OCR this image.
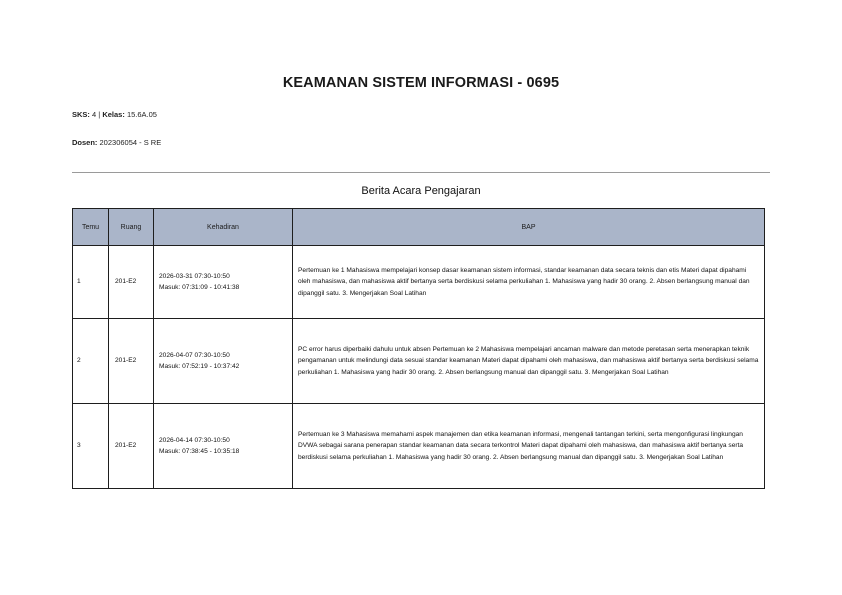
KEAMANAN SISTEM INFORMASI - 0695
SKS: 4 | Kelas: 15.6A.05
Dosen: 202306054 - S RE
Berita Acara Pengajaran
Temu	Ruang	Kehadiran	BAP
1	201-E2	2026-03-31 07:30-10:50
Masuk: 07:31:09 - 10:41:38	Pertemuan ke 1 Mahasiswa mempelajari konsep dasar keamanan sistem informasi, standar keamanan data secara teknis dan etis Materi dapat dipahami oleh mahasiswa, dan mahasiswa aktif bertanya serta berdiskusi selama perkuliahan 1. Mahasiswa yang hadir 30 orang. 2. Absen berlangsung manual dan dipanggil satu. 3. Mengerjakan Soal Latihan
2	201-E2	2026-04-07 07:30-10:50
Masuk: 07:52:19 - 10:37:42	PC error harus diperbaiki dahulu untuk absen Pertemuan ke 2 Mahasiswa mempelajari ancaman malware dan metode peretasan serta menerapkan teknik pengamanan untuk melindungi data sesuai standar keamanan Materi dapat dipahami oleh mahasiswa, dan mahasiswa aktif bertanya serta berdiskusi selama perkuliahan 1. Mahasiswa yang hadir 30 orang. 2. Absen berlangsung manual dan dipanggil satu. 3. Mengerjakan Soal Latihan
3	201-E2	2026-04-14 07:30-10:50
Masuk: 07:38:45 - 10:35:18	Pertemuan ke 3 Mahasiswa memahami aspek manajemen dan etika keamanan informasi, mengenali tantangan terkini, serta mengonfigurasi lingkungan DVWA sebagai sarana penerapan standar keamanan data secara terkontrol Materi dapat dipahami oleh mahasiswa, dan mahasiswa aktif bertanya serta berdiskusi selama perkuliahan 1. Mahasiswa yang hadir 30 orang. 2. Absen berlangsung manual dan dipanggil satu. 3. Mengerjakan Soal Latihan
